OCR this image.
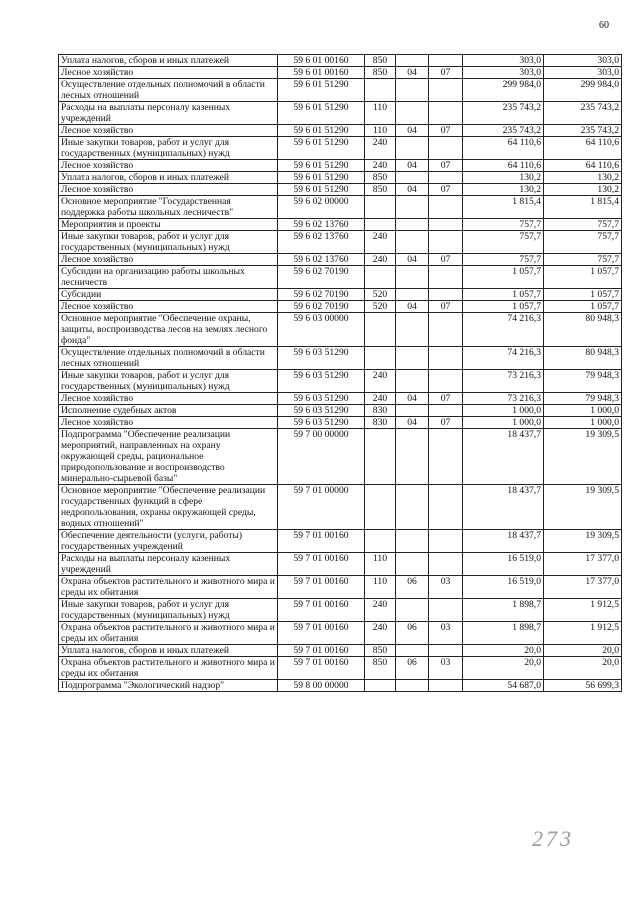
60
Уплата налогов, сборов и иных платежей	59 6 01 00160	850			303,0	303,0
Лесное хозяйство	59 6 01 00160	850	04	07	303,0	303,0
Осуществление отдельных полномочий в области лесных отношений	59 6 01 51290				299 984,0	299 984,0
Расходы на выплаты персоналу казенных учреждений	59 6 01 51290	110			235 743,2	235 743,2
Лесное хозяйство	59 6 01 51290	110	04	07	235 743,2	235 743,2
Иные закупки товаров, работ и услуг для государственных (муниципальных) нужд	59 6 01 51290	240			64 110,6	64 110,6
Лесное хозяйство	59 6 01 51290	240	04	07	64 110,6	64 110,6
Уплата налогов, сборов и иных платежей	59 6 01 51290	850			130,2	130,2
Лесное хозяйство	59 6 01 51290	850	04	07	130,2	130,2
Основное мероприятие "Государственная поддержка работы школьных лесничеств"	59 6 02 00000				1 815,4	1 815,4
Мероприятия и проекты	59 6 02 13760				757,7	757,7
Иные закупки товаров, работ и услуг для государственных (муниципальных) нужд	59 6 02 13760	240			757,7	757,7
Лесное хозяйство	59 6 02 13760	240	04	07	757,7	757,7
Субсидии на организацию работы школьных лесничеств	59 6 02 70190				1 057,7	1 057,7
Субсидии	59 6 02 70190	520			1 057,7	1 057,7
Лесное хозяйство	59 6 02 70190	520	04	07	1 057,7	1 057,7
Основное мероприятие "Обеспечение охраны, защиты, воспроизводства лесов на землях лесного фонда"	59 6 03 00000				74 216,3	80 948,3
Осуществление отдельных полномочий в области лесных отношений	59 6 03 51290				74 216,3	80 948,3
Иные закупки товаров, работ и услуг для государственных (муниципальных) нужд	59 6 03 51290	240			73 216,3	79 948,3
Лесное хозяйство	59 6 03 51290	240	04	07	73 216,3	79 948,3
Исполнение судебных актов	59 6 03 51290	830			1 000,0	1 000,0
Лесное хозяйство	59 6 03 51290	830	04	07	1 000,0	1 000,0
Подпрограмма "Обеспечение реализации мероприятий, направленных на охрану окружающей среды, рациональное природопользование и воспроизводство минерально-сырьевой базы"	59 7 00 00000				18 437,7	19 309,5
Основное мероприятие "Обеспечение реализации государственных функций в сфере недропользования, охраны окружающей среды, водных отношений"	59 7 01 00000				18 437,7	19 309,5
Обеспечение деятельности (услуги, работы) государственных учреждений	59 7 01 00160				18 437,7	19 309,5
Расходы на выплаты персоналу казенных учреждений	59 7 01 00160	110			16 519,0	17 377,0
Охрана объектов растительного и животного мира и среды их обитания	59 7 01 00160	110	06	03	16 519,0	17 377,0
Иные закупки товаров, работ и услуг для государственных (муниципальных) нужд	59 7 01 00160	240			1 898,7	1 912,5
Охрана объектов растительного и животного мира и среды их обитания	59 7 01 00160	240	06	03	1 898,7	1 912,5
Уплата налогов, сборов и иных платежей	59 7 01 00160	850			20,0	20,0
Охрана объектов растительного и животного мира и среды их обитания	59 7 01 00160	850	06	03	20,0	20,0
Подпрограмма "Экологический надзор"	59 8 00 00000				54 687,0	56 699,3
273
